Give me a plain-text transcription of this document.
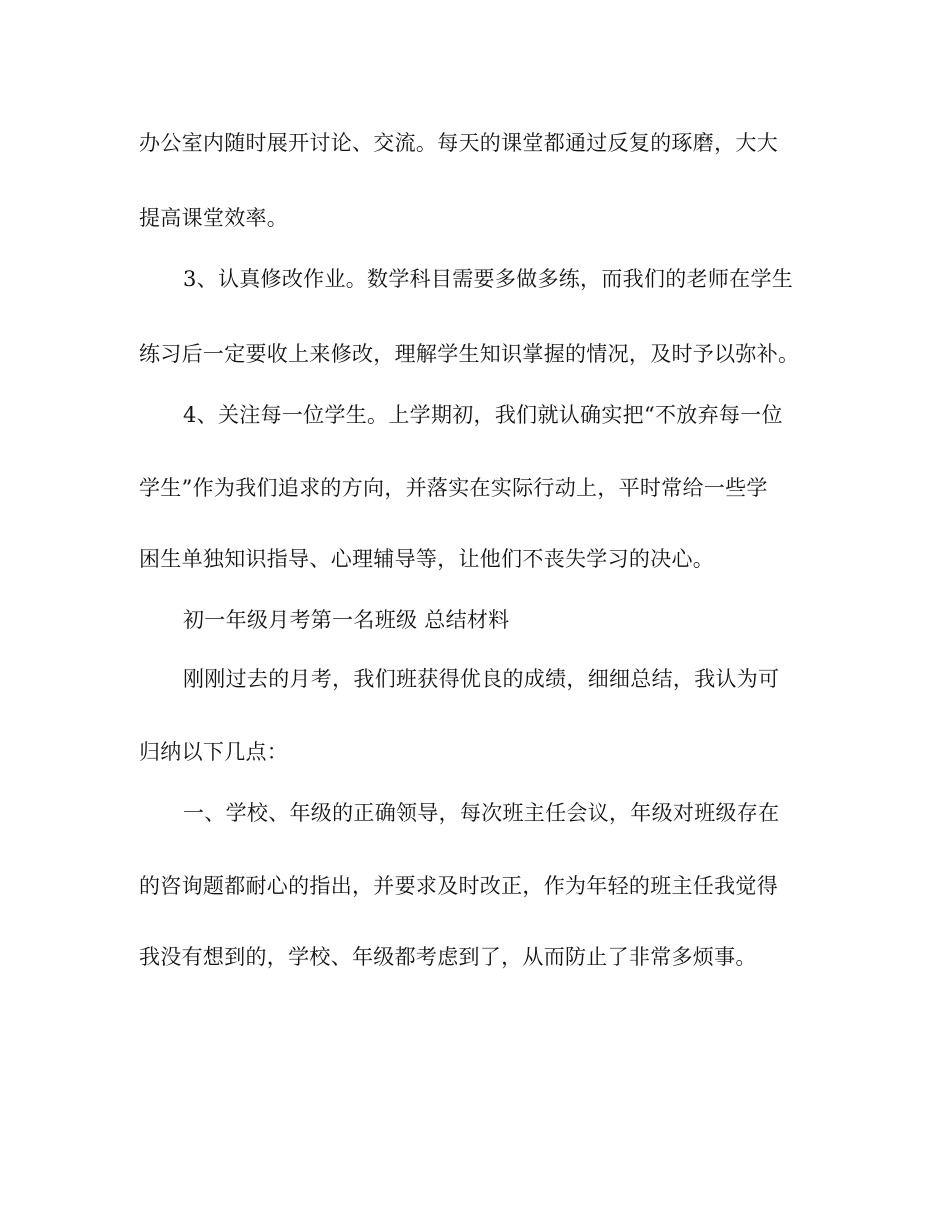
办公室内随时展开讨论、交流。每天的课堂都通过反复的琢磨，大大
提高课堂效率。
3、认真修改作业。数学科目需要多做多练，而我们的老师在学生
练习后一定要收上来修改，理解学生知识掌握的情况，及时予以弥补。
4、关注每一位学生。上学期初，我们就认确实把“不放弃每一位
学生”作为我们追求的方向，并落实在实际行动上，平时常给一些学
困生单独知识指导、心理辅导等，让他们不丧失学习的决心。
初一年级月考第一名班级 总结材料
刚刚过去的月考，我们班获得优良的成绩，细细总结，我认为可
归纳以下几点：
一、学校、年级的正确领导，每次班主任会议，年级对班级存在
的咨询题都耐心的指出，并要求及时改正，作为年轻的班主任我觉得
我没有想到的，学校、年级都考虑到了，从而防止了非常多烦事。
